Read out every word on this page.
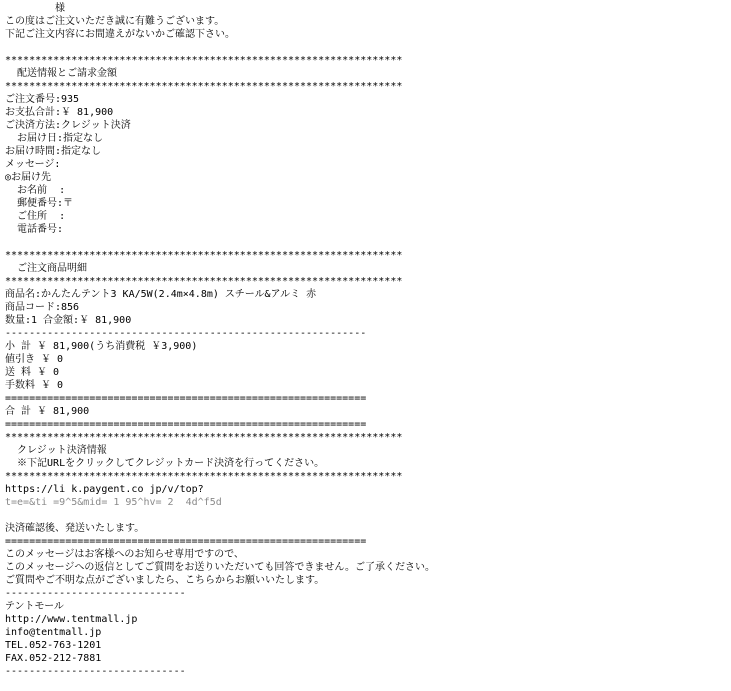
　　　　　様
この度はご注文いただき誠に有難うございます。
下記ご注文内容にお間違えがないかご確認下さい。
******************************************************************
配送情報とご請求金額
******************************************************************
ご注文番号:935
お支払合計:￥ 81,900
ご決済方法:クレジット決済
お届け日:指定なし
お届け時間:指定なし
メッセージ:
◎お届け先
お名前  :
郵便番号:〒
ご住所  :
電話番号:
******************************************************************
ご注文商品明細
******************************************************************
商品名:かんたんテント3 KA/5W(2.4m×4.8m) スチール&アルミ 赤
商品コード:856
数量:1 合金額:￥ 81,900
------------------------------------------------------------
小 計 ￥ 81,900(うち消費税 ￥3,900)
値引き ￥ 0
送 料 ￥ 0
手数料 ￥ 0
============================================================
合 計 ￥ 81,900
============================================================
******************************************************************
クレジット決済情報
※下記URLをクリックしてクレジットカード決済を行ってください。
******************************************************************
https://li k.paygent.co jp/v/top?
t=e=&ti =9^5&mid= 1 95^hv= 2  4d^f5d
決済確認後、発送いたします。
============================================================
このメッセージはお客様へのお知らせ専用ですので、
このメッセージへの返信としてご質問をお送りいただいても回答できません。ご了承ください。
ご質問やご不明な点がございましたら、こちらからお願いいたします。
------------------------------
テントモール
http://www.tentmall.jp
info@tentmall.jp
TEL.052-763-1201
FAX.052-212-7881
------------------------------
